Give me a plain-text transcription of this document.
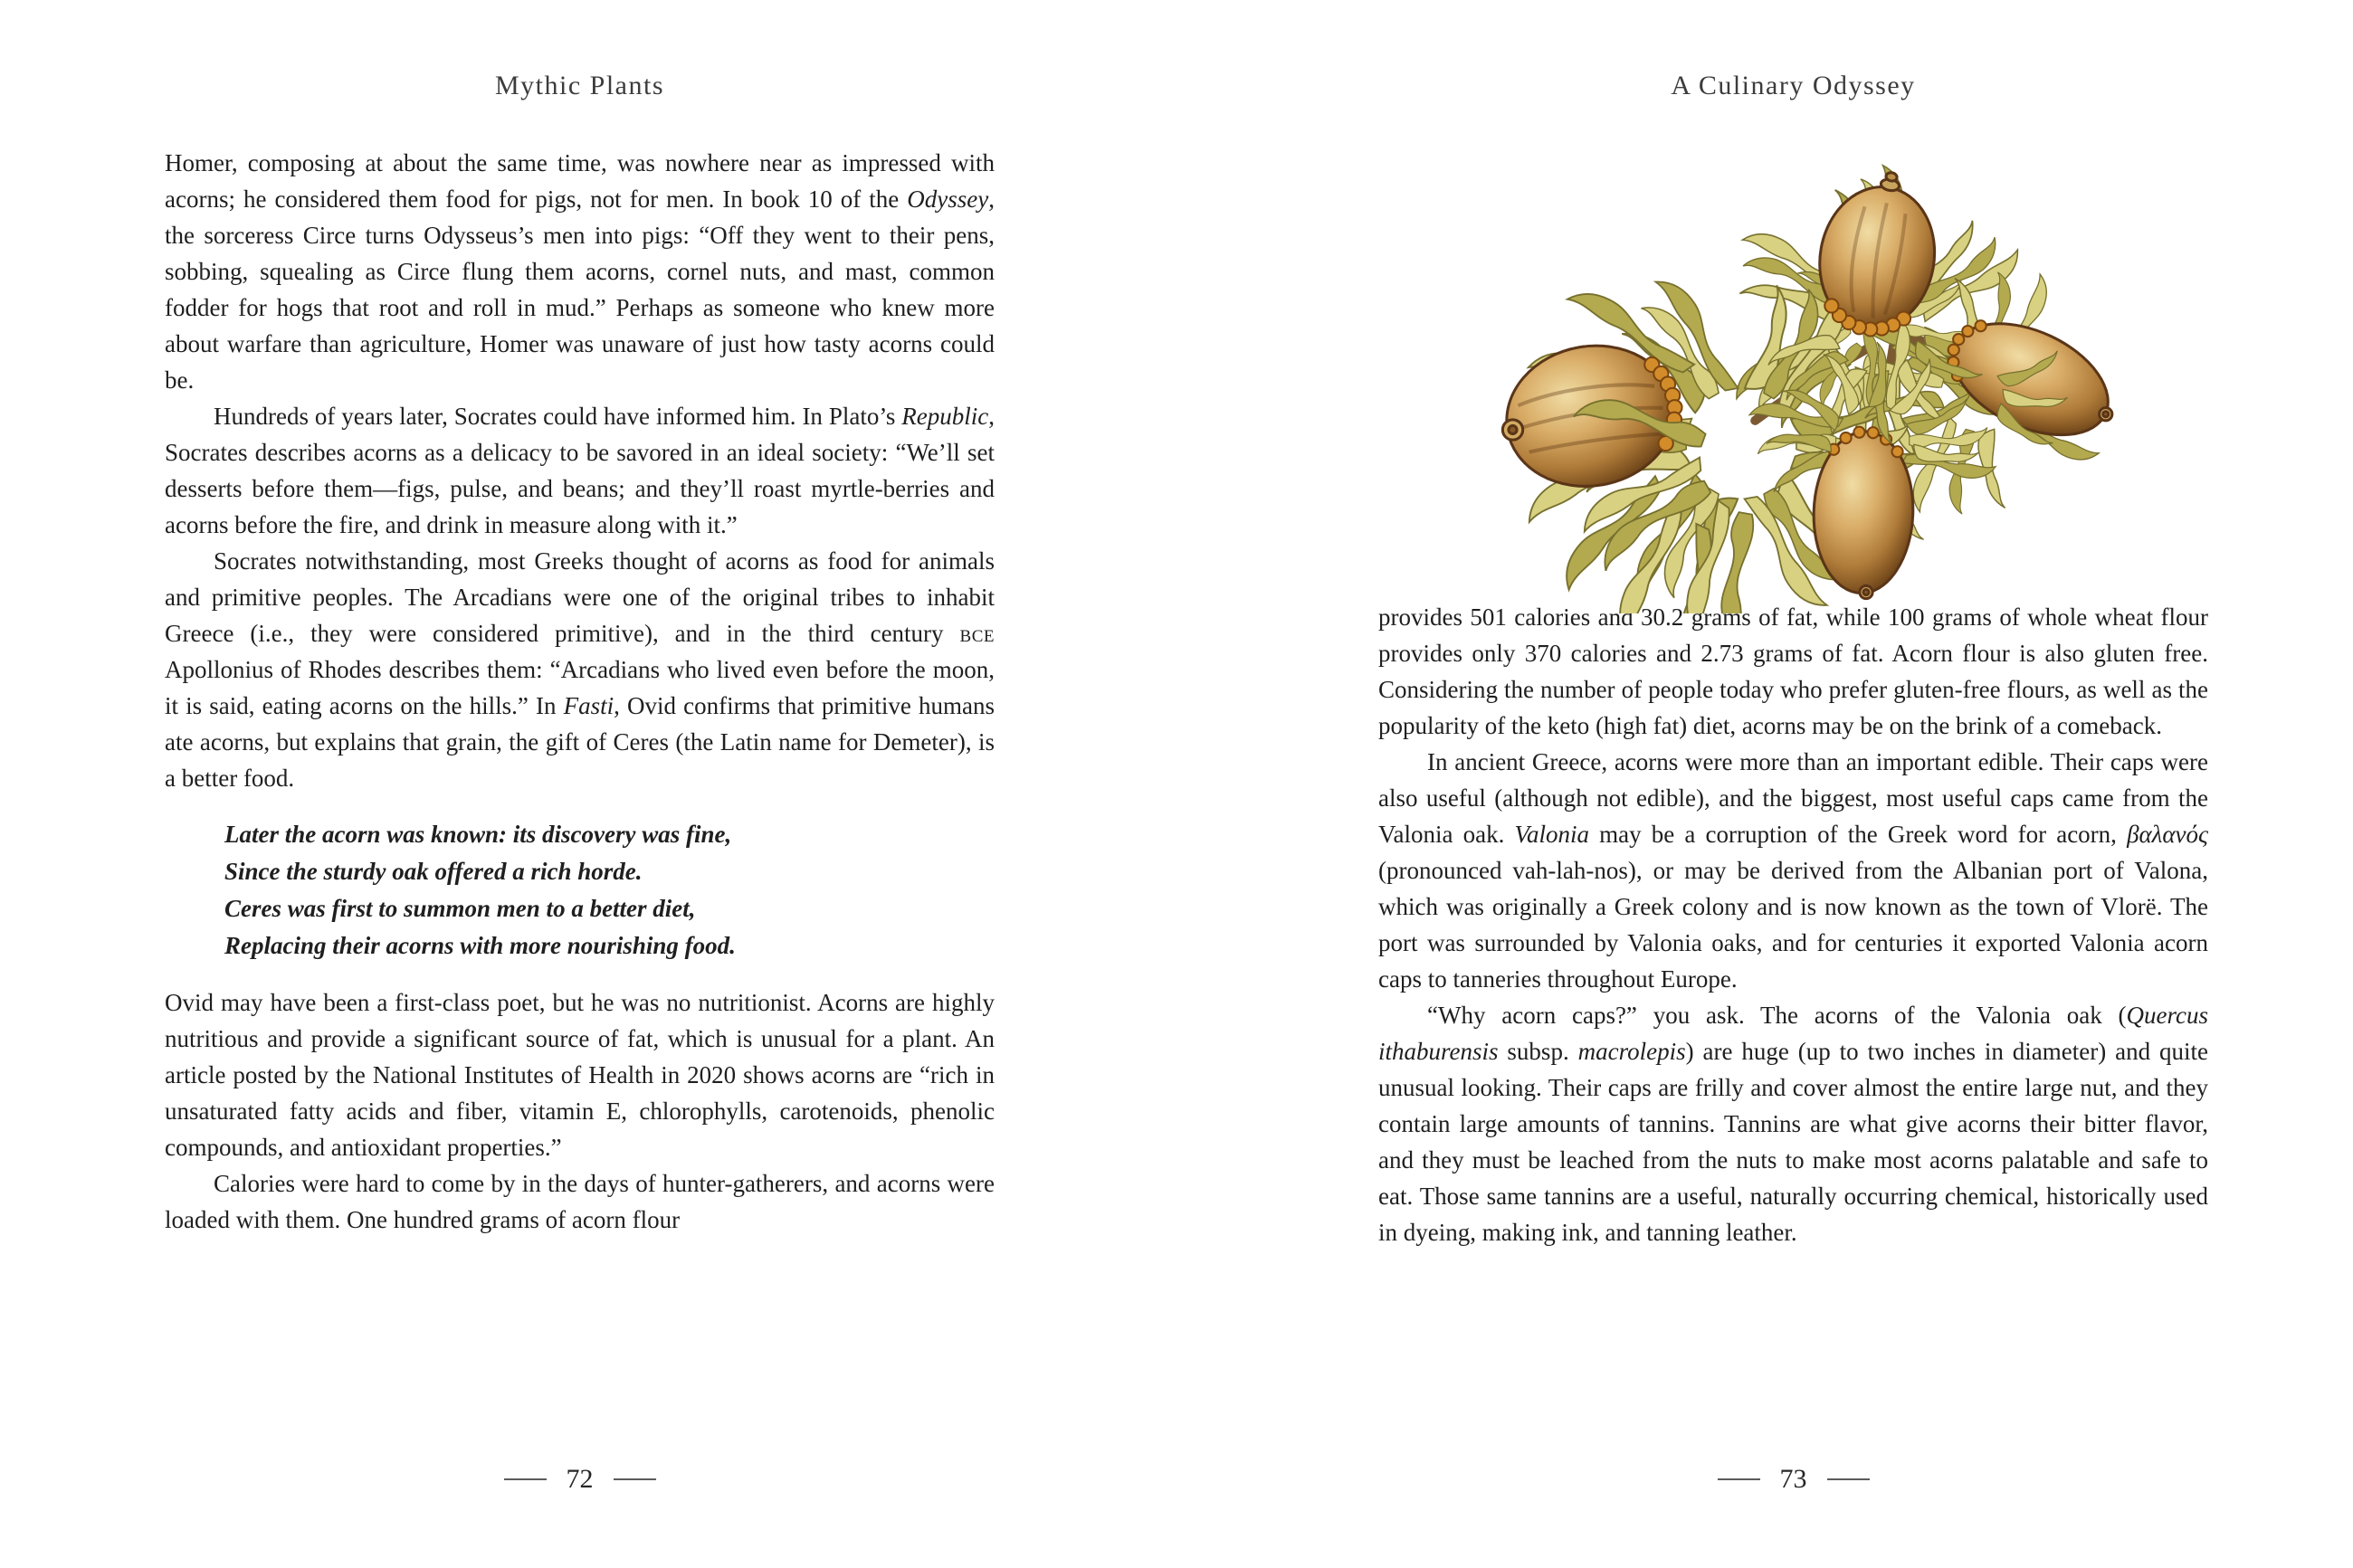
Mythic Plants	A Culinary Odyssey

Homer, composing at about the same time, was nowhere near as impressed with acorns; he considered them food for pigs, not for men. In book 10 of the Odyssey, the sorceress Circe turns Odysseus’s men into pigs: “Off they went to their pens, sobbing, squealing as Circe flung them acorns, cornel nuts, and mast, common fodder for hogs that root and roll in mud.” Perhaps as someone who knew more about warfare than agriculture, Homer was unaware of just how tasty acorns could be.

Hundreds of years later, Socrates could have informed him. In Plato’s Republic, Socrates describes acorns as a delicacy to be savored in an ideal society: “We’ll set desserts before them—figs, pulse, and beans; and they’ll roast myrtle-berries and acorns before the fire, and drink in measure along with it.”

Socrates notwithstanding, most Greeks thought of acorns as food for animals and primitive peoples. The Arcadians were one of the original tribes to inhabit Greece (i.e., they were considered primitive), and in the third century bce Apollonius of Rhodes describes them: “Arcadians who lived even before the moon, it is said, eating acorns on the hills.” In Fasti, Ovid confirms that primitive humans ate acorns, but explains that grain, the gift of Ceres (the Latin name for Demeter), is a better food.

Later the acorn was known: its discovery was fine,
Since the sturdy oak offered a rich horde.
Ceres was first to summon men to a better diet,
Replacing their acorns with more nourishing food.

Ovid may have been a first-class poet, but he was no nutritionist. Acorns are highly nutritious and provide a significant source of fat, which is unusual for a plant. An article posted by the National Institutes of Health in 2020 shows acorns are “rich in unsaturated fatty acids and fiber, vitamin E, chlorophylls, carotenoids, phenolic compounds, and antioxidant properties.”

Calories were hard to come by in the days of hunter-gatherers, and acorns were loaded with them. One hundred grams of acorn flour

provides 501 calories and 30.2 grams of fat, while 100 grams of whole wheat flour provides only 370 calories and 2.73 grams of fat. Acorn flour is also gluten free. Considering the number of people today who prefer gluten-free flours, as well as the popularity of the keto (high fat) diet, acorns may be on the brink of a comeback.

In ancient Greece, acorns were more than an important edible. Their caps were also useful (although not edible), and the biggest, most useful caps came from the Valonia oak. Valonia may be a corruption of the Greek word for acorn, βαλανός (pronounced vah-lah-nos), or may be derived from the Albanian port of Valona, which was originally a Greek colony and is now known as the town of Vlorë. The port was surrounded by Valonia oaks, and for centuries it exported Valonia acorn caps to tanneries throughout Europe.

“Why acorn caps?” you ask. The acorns of the Valonia oak (Quercus ithaburensis subsp. macrolepis) are huge (up to two inches in diameter) and quite unusual looking. Their caps are frilly and cover almost the entire large nut, and they contain large amounts of tannins. Tannins are what give acorns their bitter flavor, and they must be leached from the nuts to make most acorns palatable and safe to eat. Those same tannins are a useful, naturally occurring chemical, historically used in dyeing, making ink, and tanning leather.

72	73
